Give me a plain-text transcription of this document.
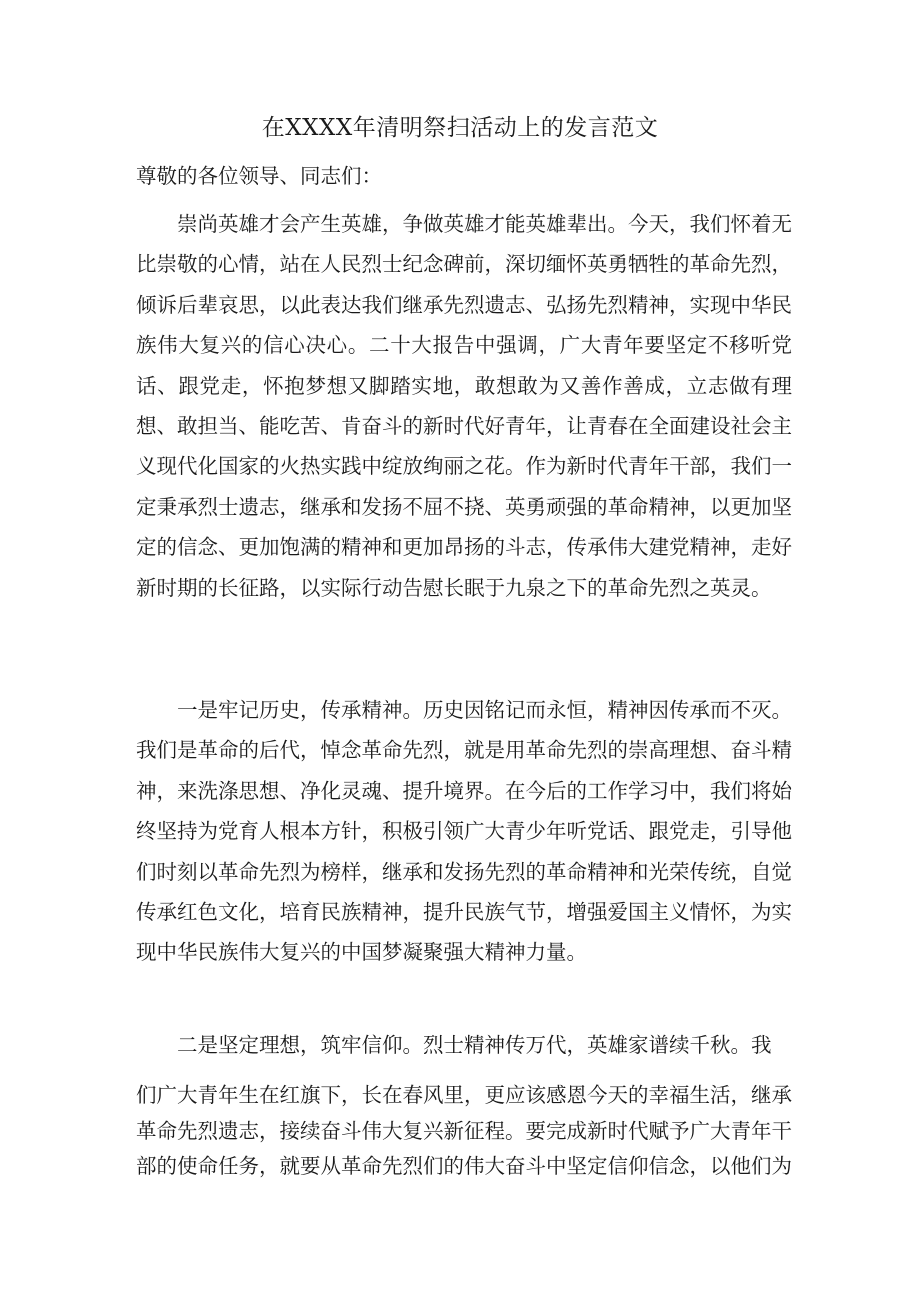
在XXXX年清明祭扫活动上的发言范文
尊敬的各位领导、同志们：

崇尚英雄才会产生英雄，争做英雄才能英雄辈出。今天，我们怀着无比崇敬的心情，站在人民烈士纪念碑前，深切缅怀英勇牺牲的革命先烈，倾诉后辈哀思，以此表达我们继承先烈遗志、弘扬先烈精神，实现中华民族伟大复兴的信心决心。二十大报告中强调，广大青年要坚定不移听党话、跟党走，怀抱梦想又脚踏实地，敢想敢为又善作善成，立志做有理想、敢担当、能吃苦、肯奋斗的新时代好青年，让青春在全面建设社会主义现代化国家的火热实践中绽放绚丽之花。作为新时代青年干部，我们一定秉承烈士遗志，继承和发扬不屈不挠、英勇顽强的革命精神，以更加坚定的信念、更加饱满的精神和更加昂扬的斗志，传承伟大建党精神，走好新时期的长征路，以实际行动告慰长眠于九泉之下的革命先烈之英灵。

一是牢记历史，传承精神。历史因铭记而永恒，精神因传承而不灭。我们是革命的后代，悼念革命先烈，就是用革命先烈的崇高理想、奋斗精神，来洗涤思想、净化灵魂、提升境界。在今后的工作学习中，我们将始终坚持为党育人根本方针，积极引领广大青少年听党话、跟党走，引导他们时刻以革命先烈为榜样，继承和发扬先烈的革命精神和光荣传统，自觉传承红色文化，培育民族精神，提升民族气节，增强爱国主义情怀，为实现中华民族伟大复兴的中国梦凝聚强大精神力量。

二是坚定理想，筑牢信仰。烈士精神传万代，英雄家谱续千秋。我

们广大青年生在红旗下，长在春风里，更应该感恩今天的幸福生活，继承革命先烈遗志，接续奋斗伟大复兴新征程。要完成新时代赋予广大青年干部的使命任务，就要从革命先烈们的伟大奋斗中坚定信仰信念，以他们为
